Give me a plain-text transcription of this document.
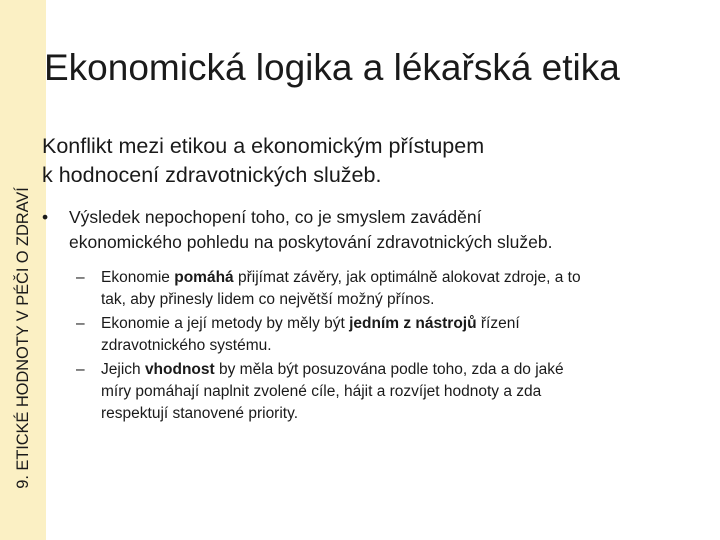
9. ETICKÉ HODNOTY V PÉČI O ZDRAVÍ
Ekonomická logika a lékařská etika
Konflikt mezi etikou a ekonomickým přístupem
k hodnocení zdravotnických služeb.
•	Výsledek nepochopení toho, co je smyslem zavádění
ekonomického pohledu na poskytování zdravotnických služeb.
– Ekonomie pomáhá přijímat závěry, jak optimálně alokovat zdroje, a to
tak, aby přinesly lidem co největší možný přínos.
– Ekonomie a její metody by měly být jedním z nástrojů řízení
zdravotnického systému.
– Jejich vhodnost by měla být posuzována podle toho, zda a do jaké
míry pomáhají naplnit zvolené cíle, hájit a rozvíjet hodnoty a zda
respektují stanovené priority.
